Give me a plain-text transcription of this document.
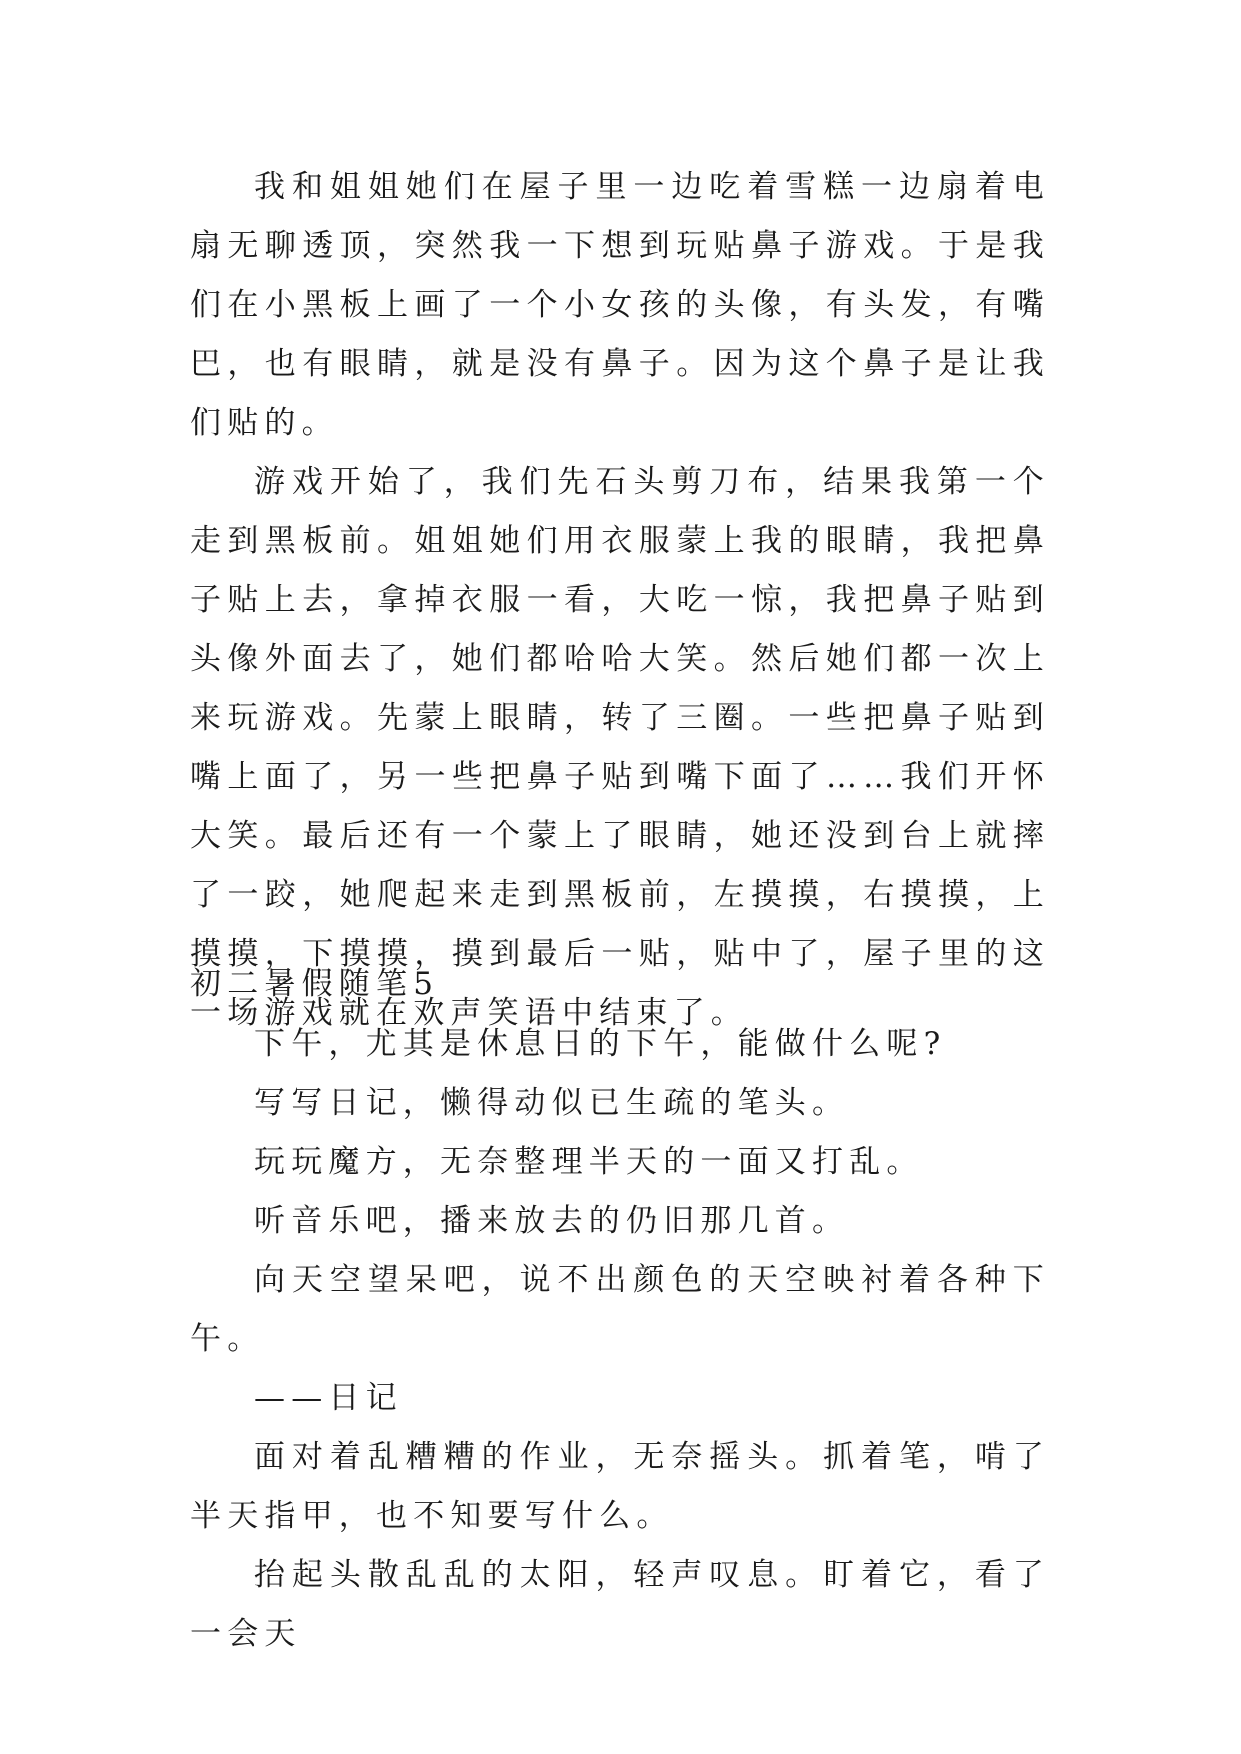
我和姐姐她们在屋子里一边吃着雪糕一边扇着电扇无聊透顶，突然我一下想到玩贴鼻子游戏。于是我们在小黑板上画了一个小女孩的头像，有头发，有嘴巴，也有眼睛，就是没有鼻子。因为这个鼻子是让我们贴的。

游戏开始了，我们先石头剪刀布，结果我第一个走到黑板前。姐姐她们用衣服蒙上我的眼睛，我把鼻子贴上去，拿掉衣服一看，大吃一惊，我把鼻子贴到头像外面去了，她们都哈哈大笑。然后她们都一次上来玩游戏。先蒙上眼睛，转了三圈。一些把鼻子贴到嘴上面了，另一些把鼻子贴到嘴下面了……我们开怀大笑。最后还有一个蒙上了眼睛，她还没到台上就摔了一跤，她爬起来走到黑板前，左摸摸，右摸摸，上摸摸，下摸摸，摸到最后一贴，贴中了，屋子里的这一场游戏就在欢声笑语中结束了。

初二暑假随笔5

下午，尤其是休息日的下午，能做什么呢?

写写日记，懒得动似已生疏的笔头。

玩玩魔方，无奈整理半天的一面又打乱。

听音乐吧，播来放去的仍旧那几首。

向天空望呆吧，说不出颜色的天空映衬着各种下午。

——日记

面对着乱糟糟的作业，无奈摇头。抓着笔，啃了半天指甲，也不知要写什么。

抬起头散乱乱的太阳，轻声叹息。盯着它，看了一会天
